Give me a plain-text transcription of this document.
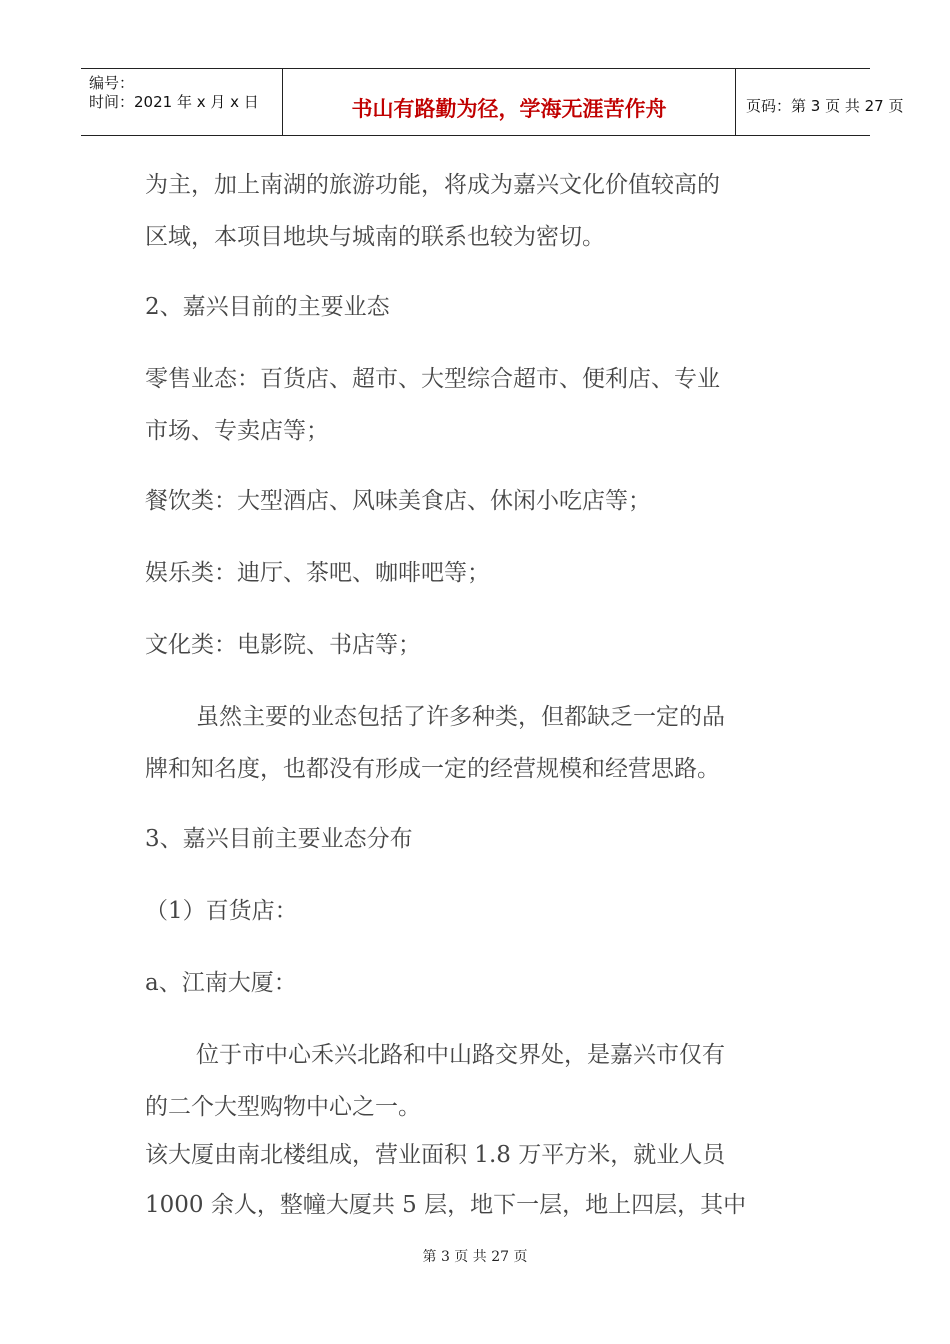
编号：
时间：2021 年 x 月 x 日	书山有路勤为径，学海无涯苦作舟	页码：第 3 页 共 27 页
为主，加上南湖的旅游功能，将成为嘉兴文化价值较高的
区域，本项目地块与城南的联系也较为密切。
2、嘉兴目前的主要业态
零售业态：百货店、超市、大型综合超市、便利店、专业
市场、专卖店等；
餐饮类：大型酒店、风味美食店、休闲小吃店等；
娱乐类：迪厅、茶吧、咖啡吧等；
文化类：电影院、书店等；
虽然主要的业态包括了许多种类，但都缺乏一定的品
牌和知名度，也都没有形成一定的经营规模和经营思路。
3、嘉兴目前主要业态分布
（1）百货店：
a、江南大厦：
位于市中心禾兴北路和中山路交界处，是嘉兴市仅有
的二个大型购物中心之一。
该大厦由南北楼组成，营业面积 1.8 万平方米，就业人员
1000 余人，整幢大厦共 5 层，地下一层，地上四层，其中
第 3 页 共 27 页
